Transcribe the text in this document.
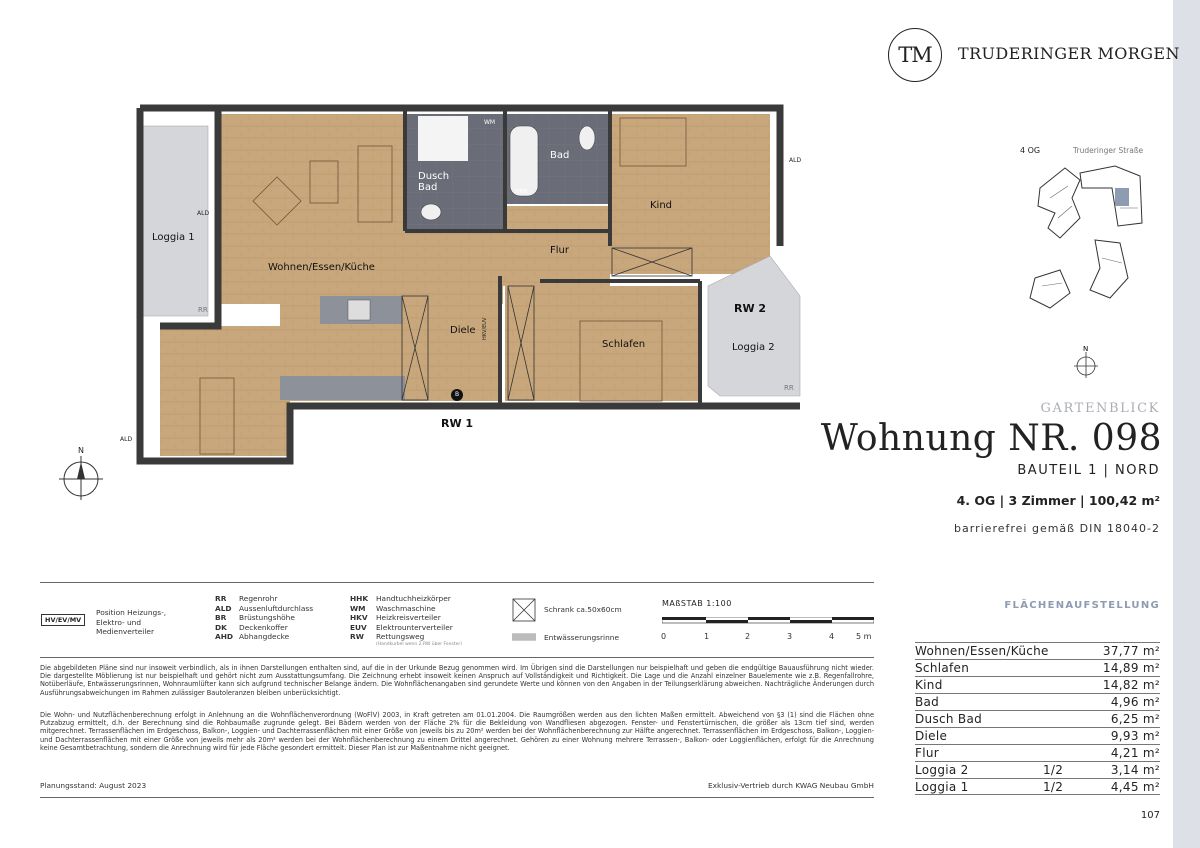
TM TRUDERINGER MORGEN
4 OG	Truderinger Straße
N
Wohnen/Essen/Küche
Loggia 1
Dusch
Bad
Bad
Kind
Flur
Diele
Schlafen	Loggia 2
RW 2
RW 1
ALD
ALD
ALD
RR
RR
WM
HHK
B
HKV/EUV
N
GARTENBLICK
Wohnung NR. 098
BAUTEIL 1 | NORD
4. OG | 3 Zimmer | 100,42 m²
barrierefrei gemäß DIN 18040-2
HV/EV/MV
Position Heizungs-,
Elektro- und
Medienverteiler
RR Regenrohr
ALD Aussenluftdurchlass
BR Brüstungshöhe
DK Deckenkoffer
AHD Abhangdecke
HHK Handtuchheizkörper
WM Waschmaschine
HKV Heizkreisverteiler
EUV Elektrounterverteiler
RW Rettungsweg
(Handkurbel wenn 2.RW über Fenster)
Schrank ca.50x60cm
Entwässerungsrinne
MAßSTAB 1:100
0	1	2	3	4	5 m
Die abgebildeten Pläne sind nur insoweit verbindlich, als in ihnen Darstellungen enthalten sind, auf die in der Urkunde Bezug genommen wird. Im Übrigen sind die Darstellungen nur beispielhaft und geben die endgültige Bauausführung nicht wieder. Die dargestellte Möblierung ist nur beispielhaft und gehört nicht zum Ausstattungsumfang. Die Zeichnung erhebt insoweit keinen Anspruch auf Vollständigkeit und Richtigkeit. Die Lage und die Anzahl einzelner Bauelemente wie z.B. Regenfallrohre, Notüberläufe, Entwässerungsrinnen, Wohnraumlüfter kann sich aufgrund technischer Belange ändern. Die Wohnflächenangaben sind gerundete Werte und können von den Angaben in der Teilungserklärung abweichen. Nachträgliche Änderungen durch Ausführungsabweichungen im Rahmen zulässiger Bautoleranzen bleiben unberücksichtigt.
Die Wohn- und Nutzflächenberechnung erfolgt in Anlehnung an die Wohnflächenverordnung (WoFlV) 2003, in Kraft getreten am 01.01.2004. Die Raumgrößen werden aus den lichten Maßen ermittelt. Abweichend von §3 (1) sind die Flächen ohne Putzabzug ermittelt, d.h. der Berechnung sind die Rohbaumaße zugrunde gelegt. Bei Bädern werden von der Fläche 2% für die Bekleidung von Wandfliesen abgezogen. Fenster- und Fenstertürnischen, die größer als 13cm tief sind, werden mitgerechnet. Terrassenflächen im Erdgeschoss, Balkon-, Loggien- und Dachterrassenflächen mit einer Größe von jeweils bis zu 20m² werden bei der Wohnflächenberechnung zur Hälfte angerechnet. Terrassenflächen im Erdgeschoss, Balkon-, Loggien- und Dachterrassenflächen mit einer Größe von jeweils mehr als 20m² werden bei der Wohnflächenberechnung zu einem Drittel angerechnet. Gehören zu einer Wohnung mehrere Terrassen-, Balkon- oder Loggienflächen, erfolgt für die Anrechnung keine Gesamtbetrachtung, sondern die Anrechnung wird für jede Fläche gesondert ermittelt. Dieser Plan ist zur Maßentnahme nicht geeignet.
Planungsstand: August 2023	Exklusiv-Vertrieb durch KWAG Neubau GmbH
FLÄCHENAUFSTELLUNG
Wohnen/Essen/Küche	37,77 m²
Schlafen	14,89 m²
Kind	14,82 m²
Bad	4,96 m²
Dusch Bad	6,25 m²
Diele	9,93 m²
Flur	4,21 m²
Loggia 2	1/2	3,14 m²
Loggia 1	1/2	4,45 m²
107
